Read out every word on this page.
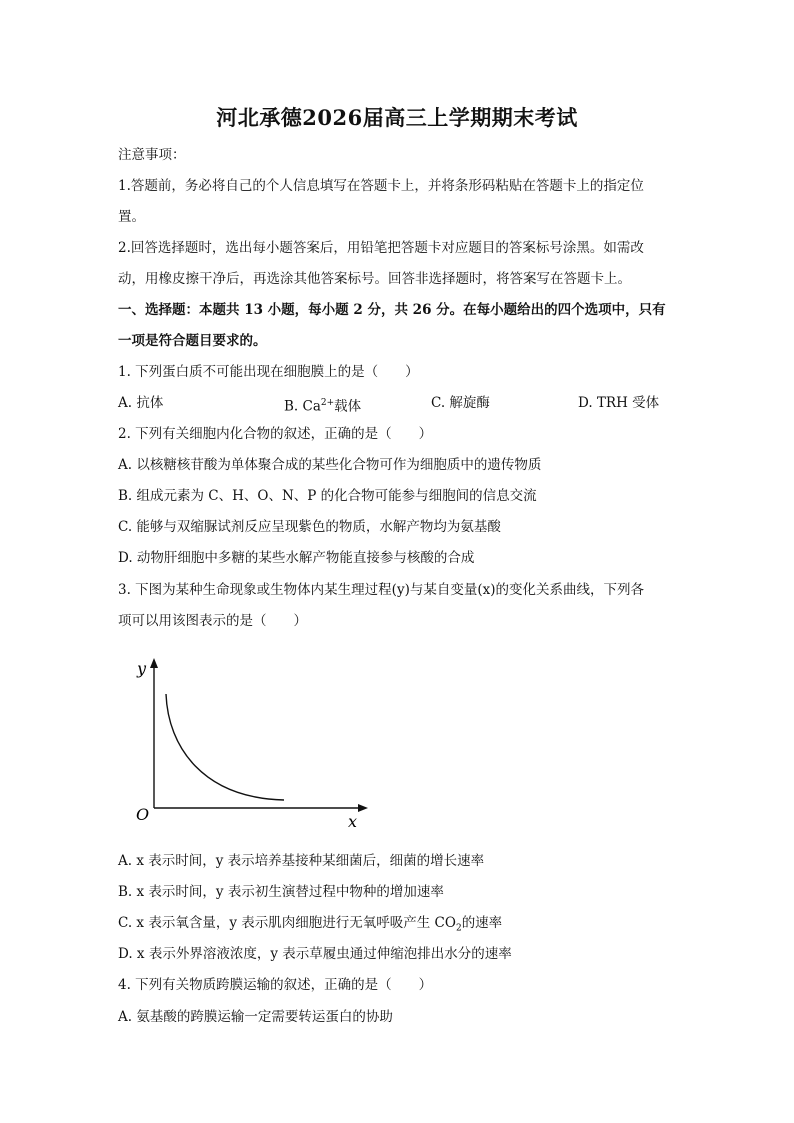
河北承德2026届高三上学期期末考试
注意事项：
1.答题前，务必将自己的个人信息填写在答题卡上，并将条形码粘贴在答题卡上的指定位
置。
2.回答选择题时，选出每小题答案后，用铅笔把答题卡对应题目的答案标号涂黑。如需改
动，用橡皮擦干净后，再选涂其他答案标号。回答非选择题时，将答案写在答题卡上。
一、选择题：本题共 13 小题，每小题 2 分，共 26 分。在每小题给出的四个选项中，只有
一项是符合题目要求的。
1. 下列蛋白质不可能出现在细胞膜上的是（　　）
A. 抗体	B. $Ca^{2+}$载体	C. 解旋酶	D. TRH 受体
2. 下列有关细胞内化合物的叙述，正确的是（　　）
A. 以核糖核苷酸为单体聚合成的某些化合物可作为细胞质中的遗传物质
B. 组成元素为 C、H、O、N、P 的化合物可能参与细胞间的信息交流
C. 能够与双缩脲试剂反应呈现紫色的物质，水解产物均为氨基酸
D. 动物肝细胞中多糖的某些水解产物能直接参与核酸的合成
3. 下图为某种生命现象或生物体内某生理过程(y)与某自变量(x)的变化关系曲线，下列各
项可以用该图表示的是（　　）
y
x
O
A. x 表示时间，y 表示培养基接种某细菌后，细菌的增长速率
B. x 表示时间，y 表示初生演替过程中物种的增加速率
C. x 表示氧含量，y 表示肌肉细胞进行无氧呼吸产生 $CO_2$的速率
D. x 表示外界溶液浓度，y 表示草履虫通过伸缩泡排出水分的速率
4. 下列有关物质跨膜运输的叙述，正确的是（　　）
A. 氨基酸的跨膜运输一定需要转运蛋白的协助
